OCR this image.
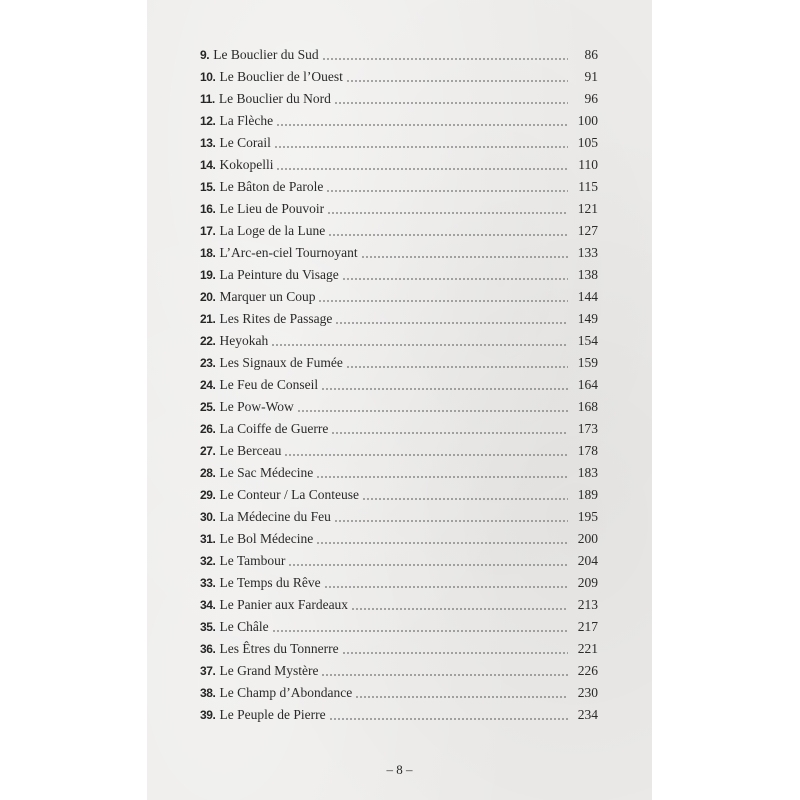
9. Le Bouclier du Sud	86
10. Le Bouclier de l’Ouest	91
11. Le Bouclier du Nord	96
12. La Flèche	100
13. Le Corail	105
14. Kokopelli	110
15. Le Bâton de Parole	115
16. Le Lieu de Pouvoir	121
17. La Loge de la Lune	127
18. L’Arc-en-ciel Tournoyant	133
19. La Peinture du Visage	138
20. Marquer un Coup	144
21. Les Rites de Passage	149
22. Heyokah	154
23. Les Signaux de Fumée	159
24. Le Feu de Conseil	164
25. Le Pow-Wow	168
26. La Coiffe de Guerre	173
27. Le Berceau	178
28. Le Sac Médecine	183
29. Le Conteur / La Conteuse	189
30. La Médecine du Feu	195
31. Le Bol Médecine	200
32. Le Tambour	204
33. Le Temps du Rêve	209
34. Le Panier aux Fardeaux	213
35. Le Châle	217
36. Les Êtres du Tonnerre	221
37. Le Grand Mystère	226
38. Le Champ d’Abondance	230
39. Le Peuple de Pierre	234
– 8 –
